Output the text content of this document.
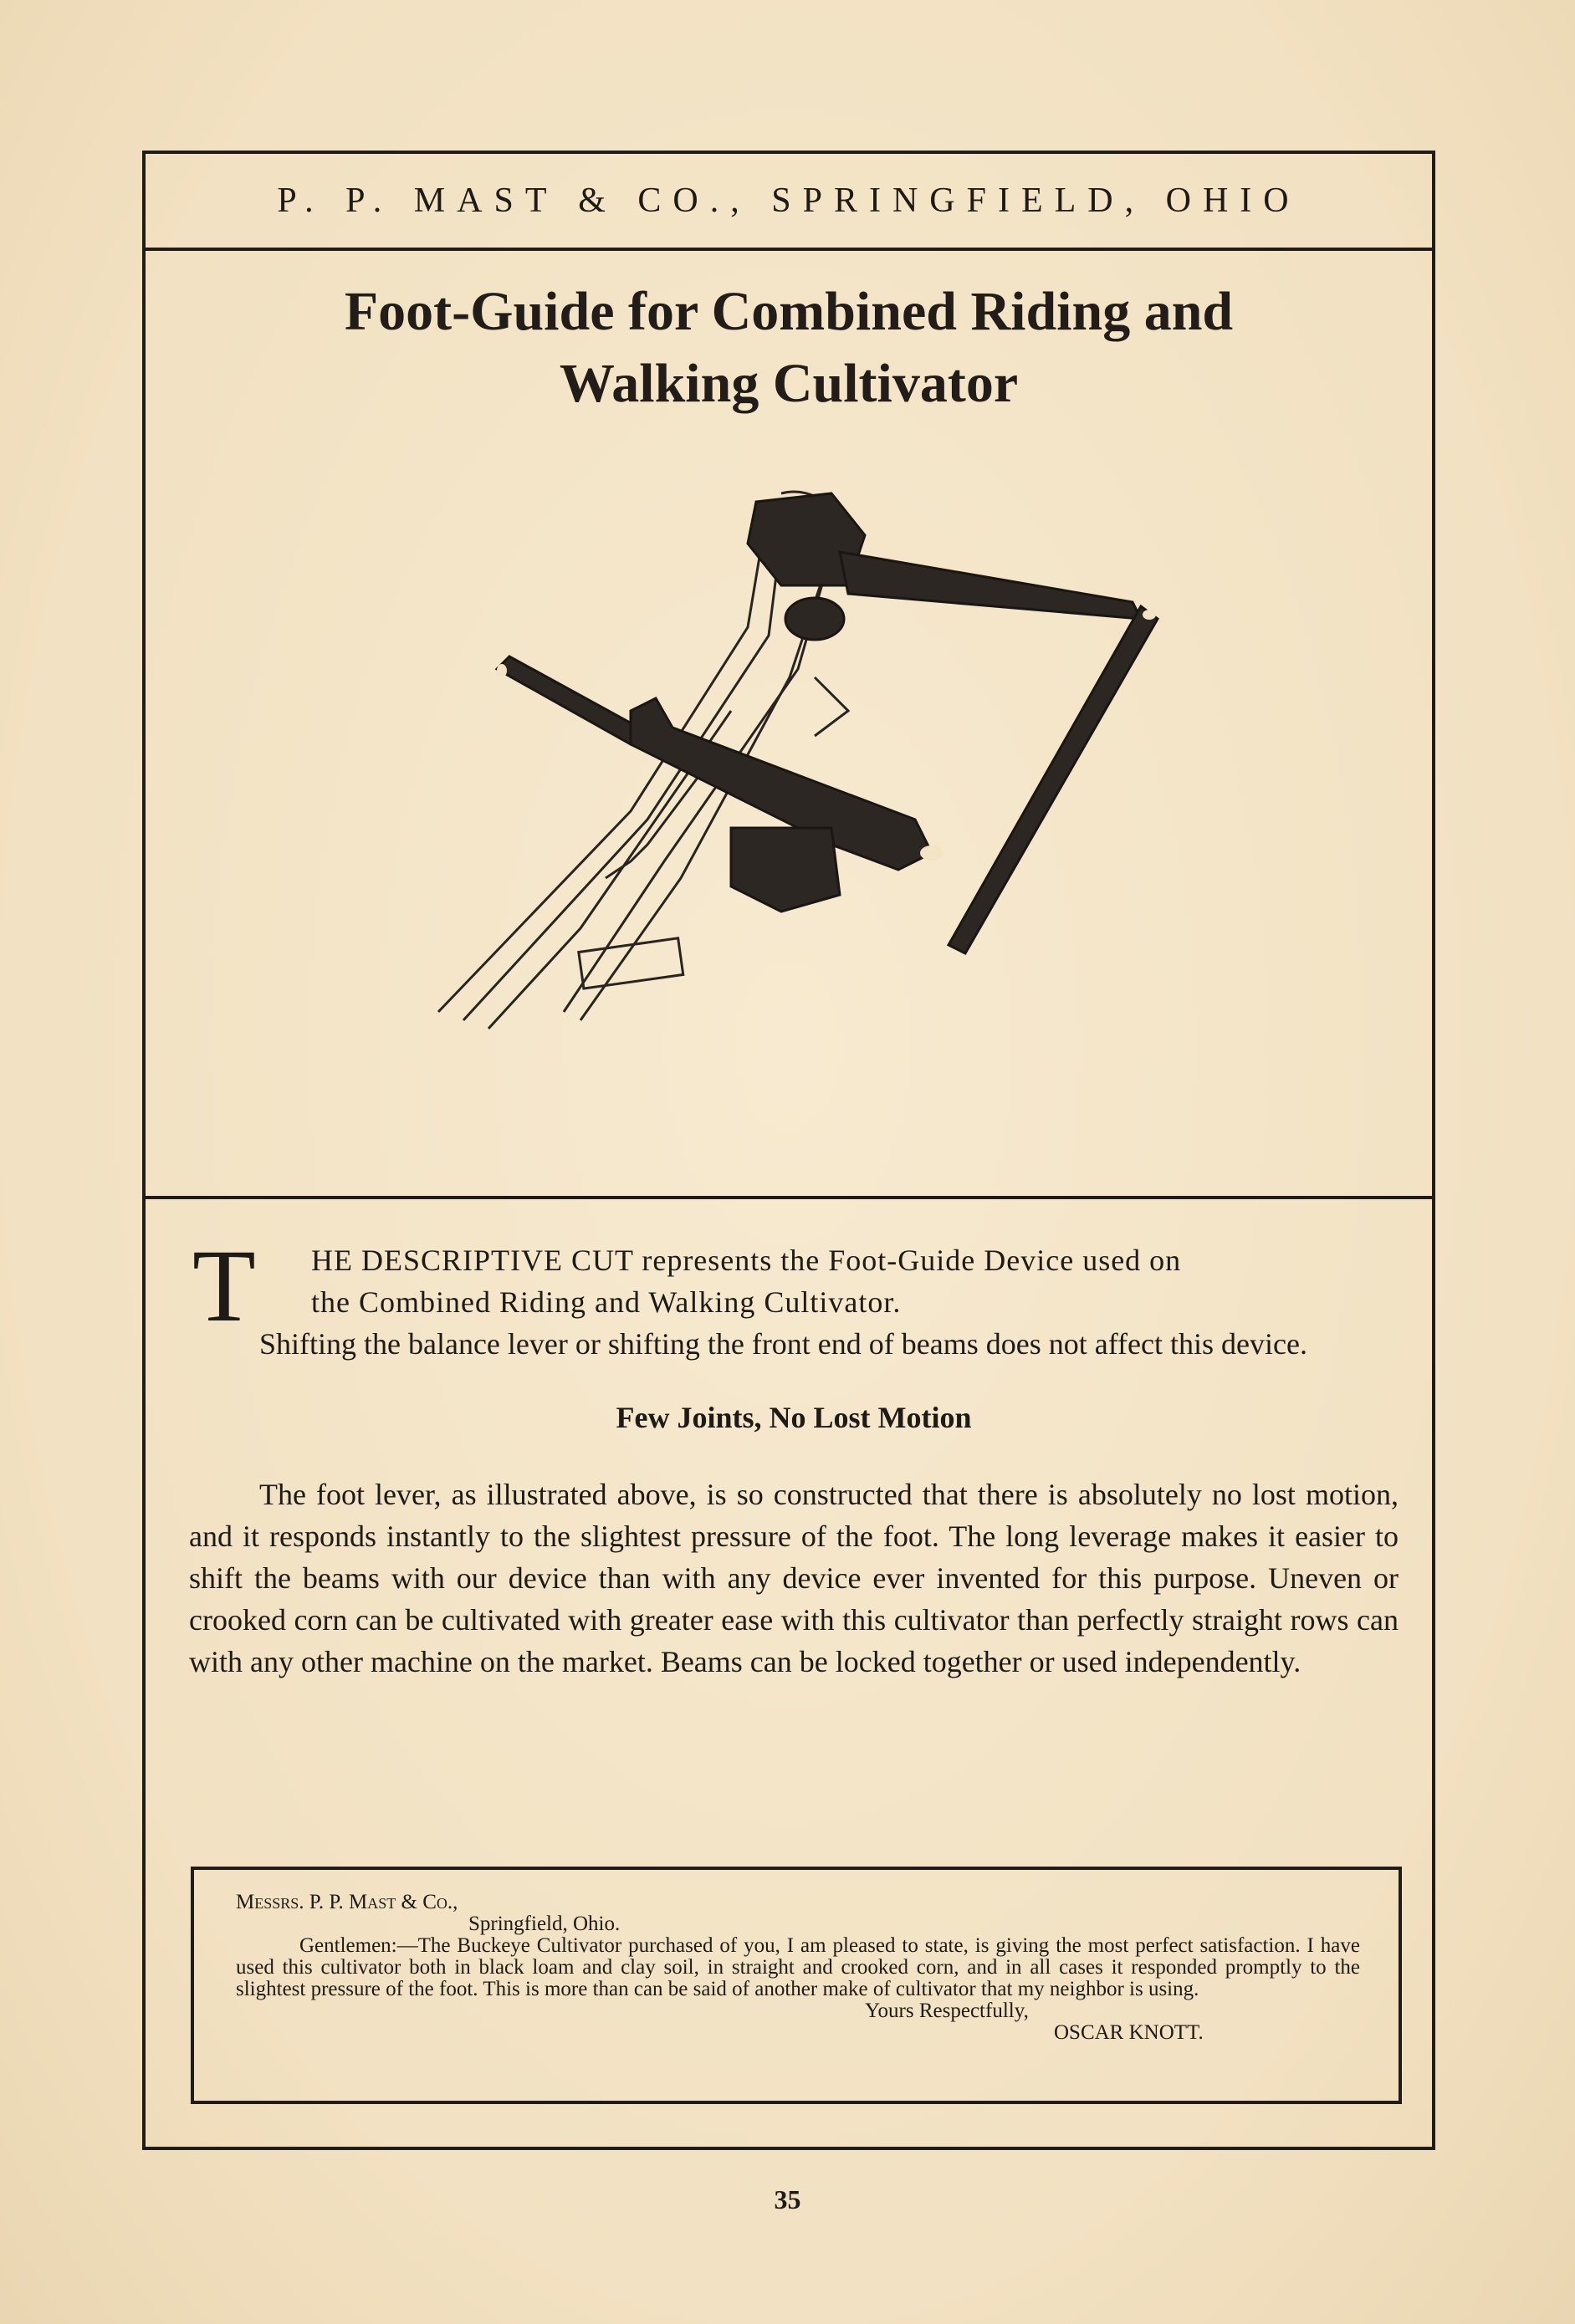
P. P. MAST & CO., SPRINGFIELD, OHIO
Foot-Guide for Combined Riding and
Walking Cultivator

T HE DESCRIPTIVE CUT represents the Foot-Guide Device used on
the Combined Riding and Walking Cultivator.

Shifting the balance lever or shifting the front end of beams does not affect this device.

Few Joints, No Lost Motion

The foot lever, as illustrated above, is so constructed that there is absolutely no lost motion, and it responds instantly to the slightest pressure of the foot. The long leverage makes it easier to shift the beams with our device than with any device ever invented for this purpose. Uneven or crooked corn can be cultivated with greater ease with this cultivator than perfectly straight rows can with any other machine on the market. Beams can be locked together or used independently.

Messrs. P. P. Mast & Co.,

Springfield, Ohio.

Gentlemen:—The Buckeye Cultivator purchased of you, I am pleased to state, is giving the most perfect satisfaction. I have used this cultivator both in black loam and clay soil, in straight and crooked corn, and in all cases it responded promptly to the slightest pressure of the foot. This is more than can be said of another make of cultivator that my neighbor is using.

Yours Respectfully,

OSCAR KNOTT.

35
